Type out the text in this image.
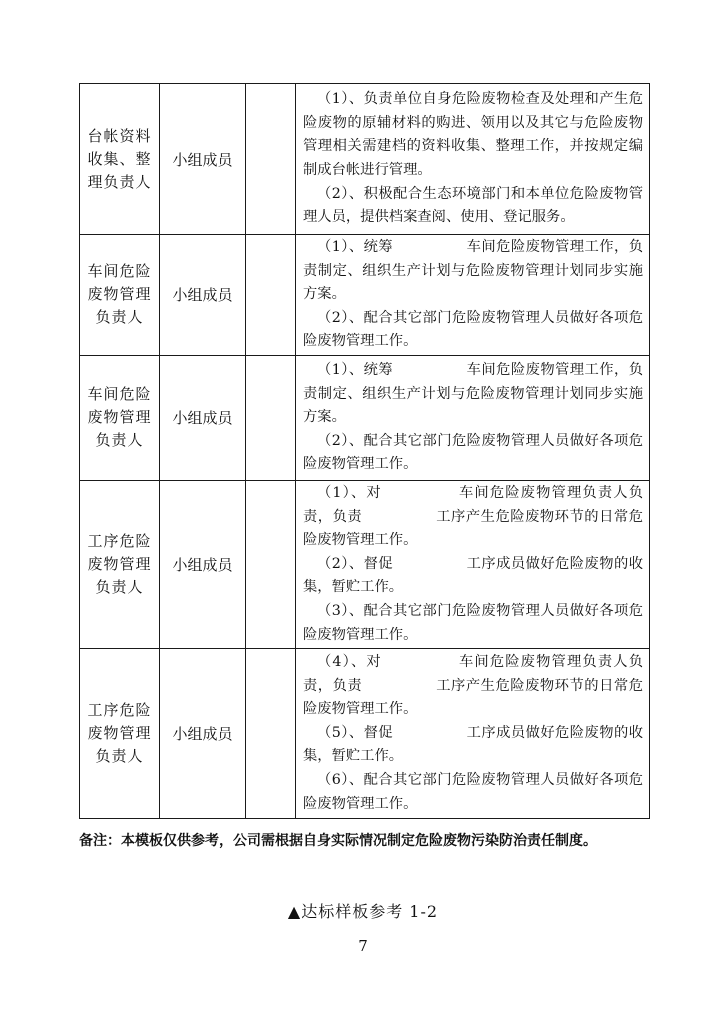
台帐资料收集、整理负责人	小组成员		（1）、负责单位自身危险废物检查及处理和产生危险废物的原辅材料的购进、领用以及其它与危险废物管理相关需建档的资料收集、整理工作，并按规定编制成台帐进行管理。
（2）、积极配合生态环境部门和本单位危险废物管理人员，提供档案查阅、使用、登记服务。

车间危险废物管理负责人	小组成员		（1）、统筹　　　　　车间危险废物管理工作，负责制定、组织生产计划与危险废物管理计划同步实施方案。
（2）、配合其它部门危险废物管理人员做好各项危险废物管理工作。

车间危险废物管理负责人	小组成员		（1）、统筹　　　　　车间危险废物管理工作，负责制定、组织生产计划与危险废物管理计划同步实施方案。
（2）、配合其它部门危险废物管理人员做好各项危险废物管理工作。

工序危险废物管理负责人	小组成员		（1）、对　　　　　车间危险废物管理负责人负责，负责　　　　　工序产生危险废物环节的日常危险废物管理工作。
（2）、督促　　　　　工序成员做好危险废物的收集，暂贮工作。
（3）、配合其它部门危险废物管理人员做好各项危险废物管理工作。

工序危险废物管理负责人	小组成员		（4）、对　　　　　车间危险废物管理负责人负责，负责　　　　　工序产生危险废物环节的日常危险废物管理工作。
（5）、督促　　　　　工序成员做好危险废物的收集，暂贮工作。
（6）、配合其它部门危险废物管理人员做好各项危险废物管理工作。
备注：本模板仅供参考，公司需根据自身实际情况制定危险废物污染防治责任制度。
▲达标样板参考 1-2
7
